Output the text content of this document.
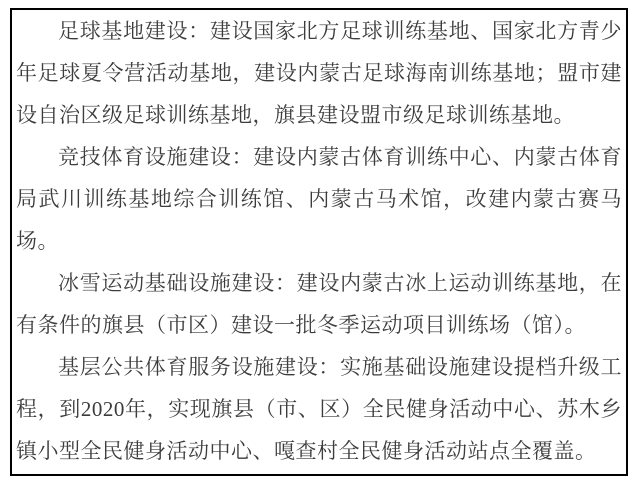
足球基地建设：建设国家北方足球训练基地、国家北方青少年足球夏令营活动基地，建设内蒙古足球海南训练基地；盟市建设自治区级足球训练基地，旗县建设盟市级足球训练基地。

竞技体育设施建设：建设内蒙古体育训练中心、内蒙古体育局武川训练基地综合训练馆、内蒙古马术馆，改建内蒙古赛马场。

冰雪运动基础设施建设：建设内蒙古冰上运动训练基地，在有条件的旗县（市区）建设一批冬季运动项目训练场（馆）。

基层公共体育服务设施建设：实施基础设施建设提档升级工程，到2020年，实现旗县（市、区）全民健身活动中心、苏木乡镇小型全民健身活动中心、嘎查村全民健身活动站点全覆盖。
